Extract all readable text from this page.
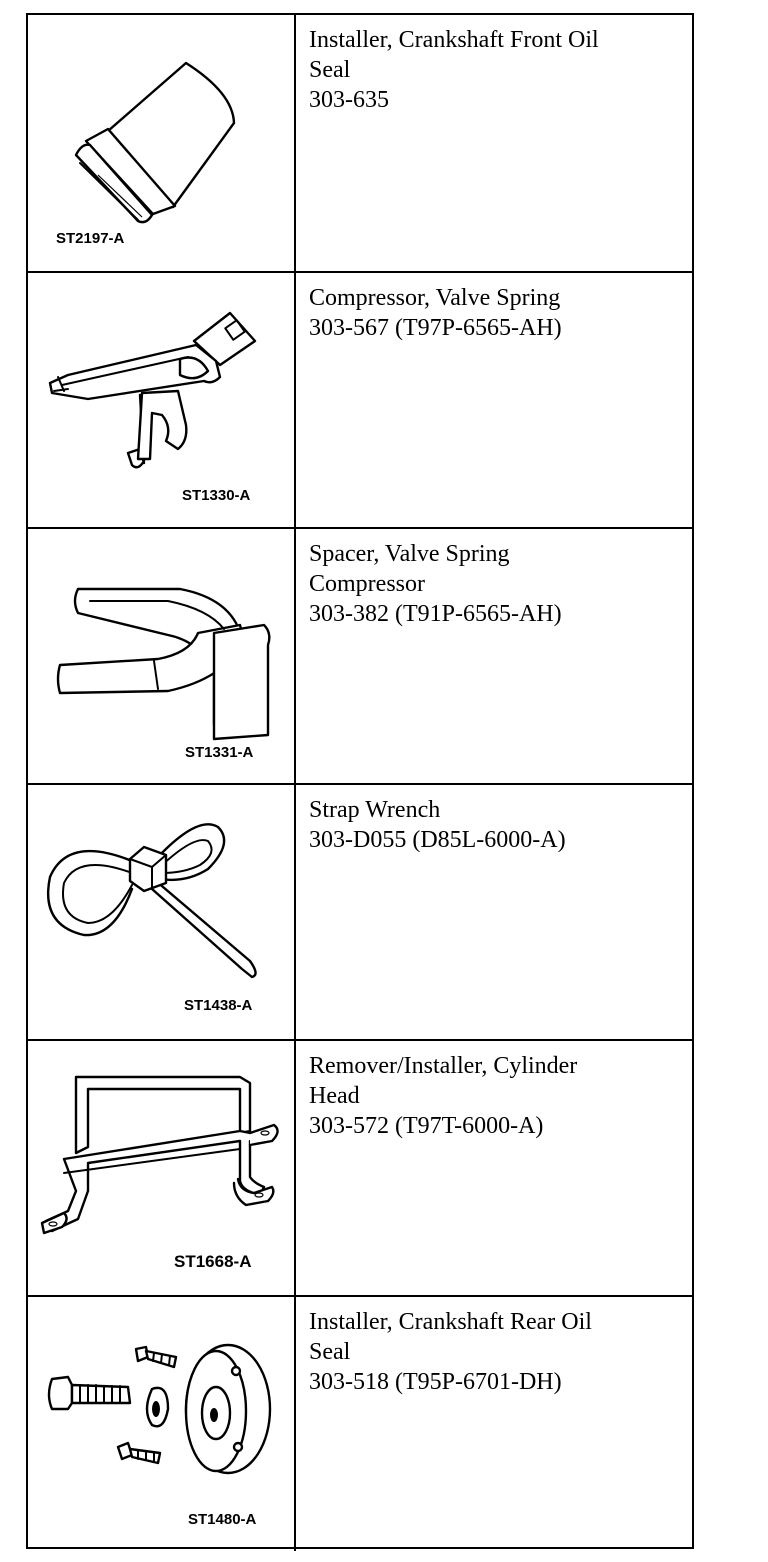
ST2197-A
Installer, Crankshaft Front Oil
Seal
303-635
ST1330-A
Compressor, Valve Spring
303-567 (T97P-6565-AH)
ST1331-A
Spacer, Valve Spring
Compressor
303-382 (T91P-6565-AH)
ST1438-A
Strap Wrench
303-D055 (D85L-6000-A)
ST1668-A
Remover/Installer, Cylinder
Head
303-572 (T97T-6000-A)
ST1480-A
Installer, Crankshaft Rear Oil
Seal
303-518 (T95P-6701-DH)
